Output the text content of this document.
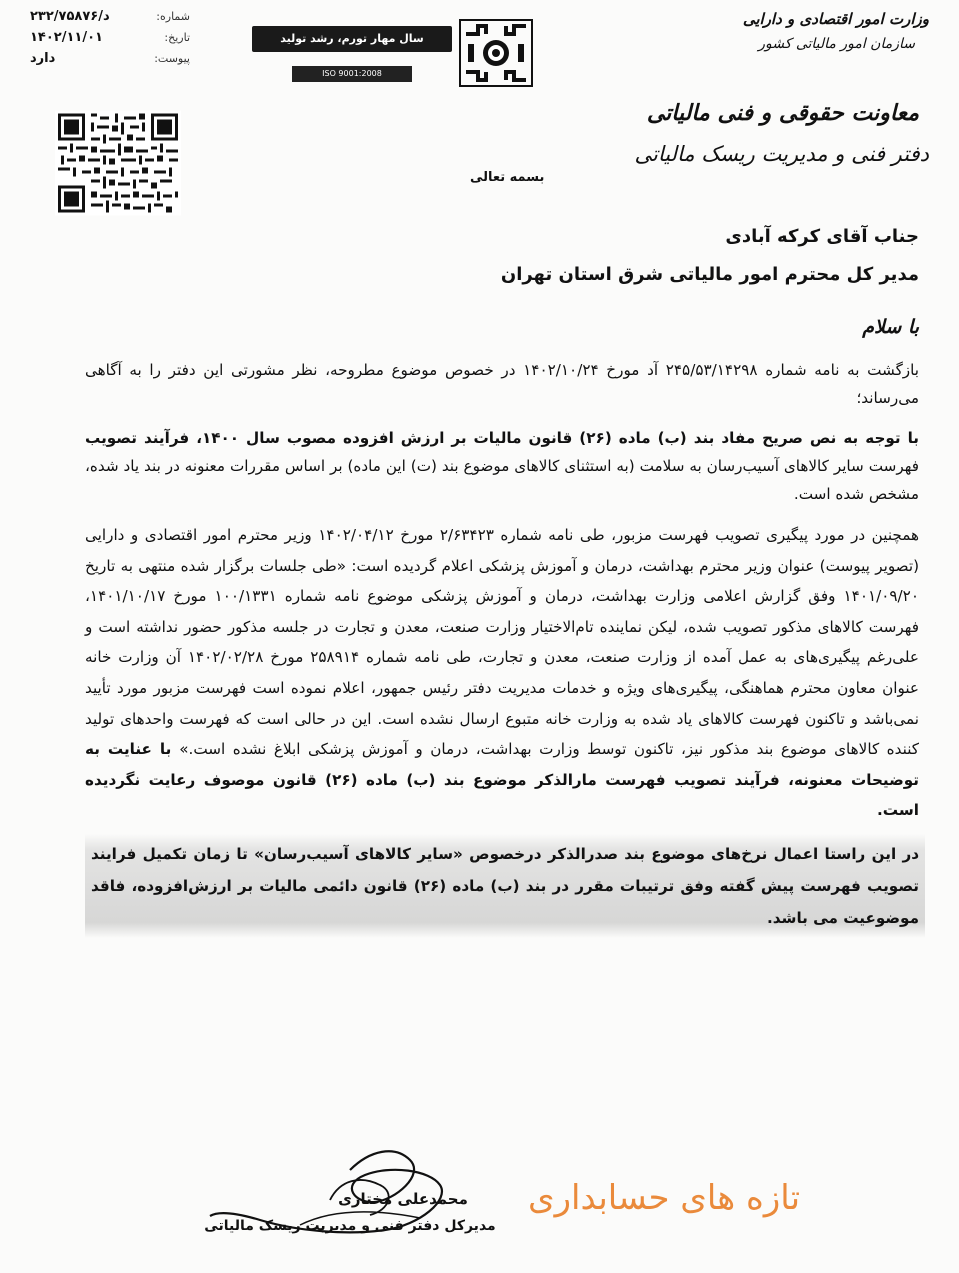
شماره:
د/۲۳۲/۷۵۸۷۶
تاریخ:
۱۴۰۲/۱۱/۰۱
پیوست:
دارد
سال مهار تورم، رشد تولید
ISO 9001:2008
وزارت امور اقتصادی و دارایی
سازمان امور مالیاتی کشور
معاونت حقوقی و فنی مالیاتی
دفتر فنی و مدیریت ریسک مالیاتی
بسمه تعالی
جناب آقای کرکه آبادی
مدیر کل محترم امور مالیاتی شرق استان تهران
با سلام

بازگشت به نامه شماره ۲۴۵/۵۳/۱۴۲۹۸ آد مورخ ۱۴۰۲/۱۰/۲۴ در خصوص موضوع مطروحه، نظر مشورتی این دفتر را به آگاهی می‌رساند؛

با توجه به نص صریح مفاد بند (ب) ماده (۲۶) قانون مالیات بر ارزش افزوده مصوب سال ۱۴۰۰، فرآیند تصویب فهرست سایر کالاهای آسیب‌رسان به سلامت (به استثنای کالاهای موضوع بند (ت) این ماده) بر اساس مقررات معنونه در بند یاد شده، مشخص شده است.

همچنین در مورد پیگیری تصویب فهرست مزبور، طی نامه شماره ۲/۶۳۴۲۳ مورخ ۱۴۰۲/۰۴/۱۲ وزیر محترم امور اقتصادی و دارایی (تصویر پیوست) عنوان وزیر محترم بهداشت، درمان و آموزش پزشکی اعلام گردیده است: «طی جلسات برگزار شده منتهی به تاریخ ۱۴۰۱/۰۹/۲۰ وفق گزارش اعلامی وزارت بهداشت، درمان و آموزش پزشکی موضوع نامه شماره ۱۰۰/۱۳۳۱ مورخ ۱۴۰۱/۱۰/۱۷، فهرست کالاهای مذکور تصویب شده، لیکن نماینده تام‌الاختیار وزارت صنعت، معدن و تجارت در جلسه مذکور حضور نداشته است و علی‌رغم پیگیری‌های به عمل آمده از وزارت صنعت، معدن و تجارت، طی نامه شماره ۲۵۸۹۱۴ مورخ ۱۴۰۲/۰۲/۲۸ آن وزارت خانه عنوان معاون محترم هماهنگی، پیگیری‌های ویژه و خدمات مدیریت دفتر رئیس جمهور، اعلام نموده است فهرست مزبور مورد تأیید نمی‌باشد و تاکنون فهرست کالاهای یاد شده به وزارت خانه متبوع ارسال نشده است. این در حالی است که فهرست واحدهای تولید کننده کالاهای موضوع بند مذکور نیز، تاکنون توسط وزارت بهداشت، درمان و آموزش پزشکی ابلاغ نشده است.» با عنایت به توضیحات معنونه، فرآیند تصویب فهرست مارالذکر موضوع بند (ب) ماده (۲۶) قانون موصوف رعایت نگردیده است.

در این راستا اعمال نرخ‌های موضوع بند صدرالذکر درخصوص «سایر کالاهای آسیب‌رسان» تا زمان تکمیل فرایند تصویب فهرست پیش گفته وفق ترتیبات مقرر در بند (ب) ماده (۲۶) قانون دائمی مالیات بر ارزش‌افزوده، فاقد موضوعیت می باشد.

محمدعلی مختاری
مدیرکل دفتر فنی و مدیریت ریسک مالیاتی
تازه های حسابداری
